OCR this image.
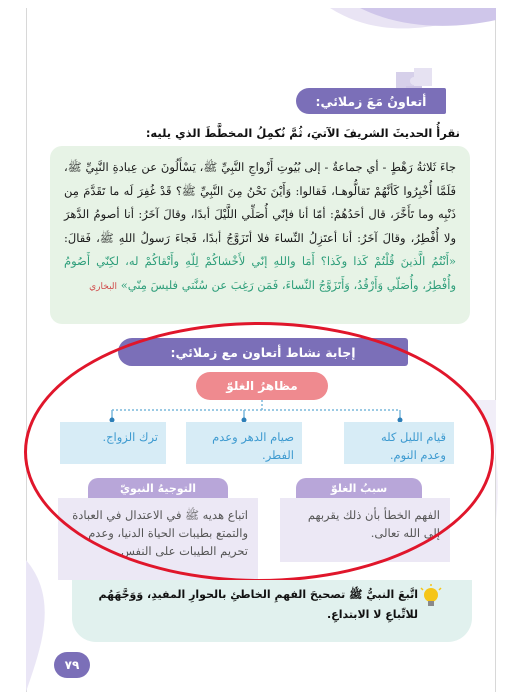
أتعاونُ مَعَ زملائي:
نقرأُ الحديثَ الشريفَ الآتيَ، ثُمَّ نُكمِلُ المخطَّطَ الذي يليه:
جاءَ ثَلاثةُ رَهْطٍ - أي جماعةٌ - إلى بُيُوتِ أَزْواجِ النَّبِيِّ ﷺ، يَسْأَلُونَ عن عِبادةِ النَّبِيِّ ﷺ، فَلَمَّا أُخْبِرُوا كَأنَّهُمْ تَقالُّوهـا، فَقالوا: وَأَيْنَ نَحْنُ مِنَ النَّبِيِّ ﷺ؟ قَدْ غُفِرَ لَه ما تَقَدَّمَ مِن ذَنْبِه وما تَأَخَّرَ، قال أحَدُهُمْ: أمّا أنا فإنّي أُصَلِّي اللَّيْلَ أبدًا، وقالَ آخَرُ: أنا أصومُ الدَّهرَ ولا أُفْطِرُ، وقالَ آخَرُ: أنا أعتَزِلُ النِّساءَ فلا أتَزَوَّجُ أبدًا، فَجاءَ رَسولُ اللهِ ﷺ، فَقالَ: «أَنْتُمُ الَّذينَ قُلْتُمْ كَذا وكَذا؟ أَمَا واللهِ إنّي لأَخْشاكُمْ لِلّهِ وأَتْقاكُمْ له، لكِنّي أَصُومُ وأُفْطِرُ، وأُصَلّي وَأَرْقُدُ، وَأَتَزَوَّجُ النِّساءَ، فَمَن رَغِبَ عن سُنَّتي فليسَ مِنّي» البخاري
إجابة نشاط أتعاون مع زملائي:
مظاهرُ الغلوّ
قيام الليل كله وعدم النوم.
صيام الدهر وعدم الفطر.
ترك الزواج.
سببُ الغلوّ
التوجيهُ النبويّ
الفهم الخطأ بأن ذلك يقربهم إلى الله تعالى.
اتباع هديه ﷺ في الاعتدال في العبادة والتمتع بطيبات الحياة الدنيا، وعدم تحريم الطيبات على النفس.
اتَّبعَ النبيُّ ﷺ تصحيحَ الفهمِ الخاطئِ بالحوارِ المفيدِ، وَوَجَّهَهُم للاتِّباعِ لا الابتداعِ.
٧٩
